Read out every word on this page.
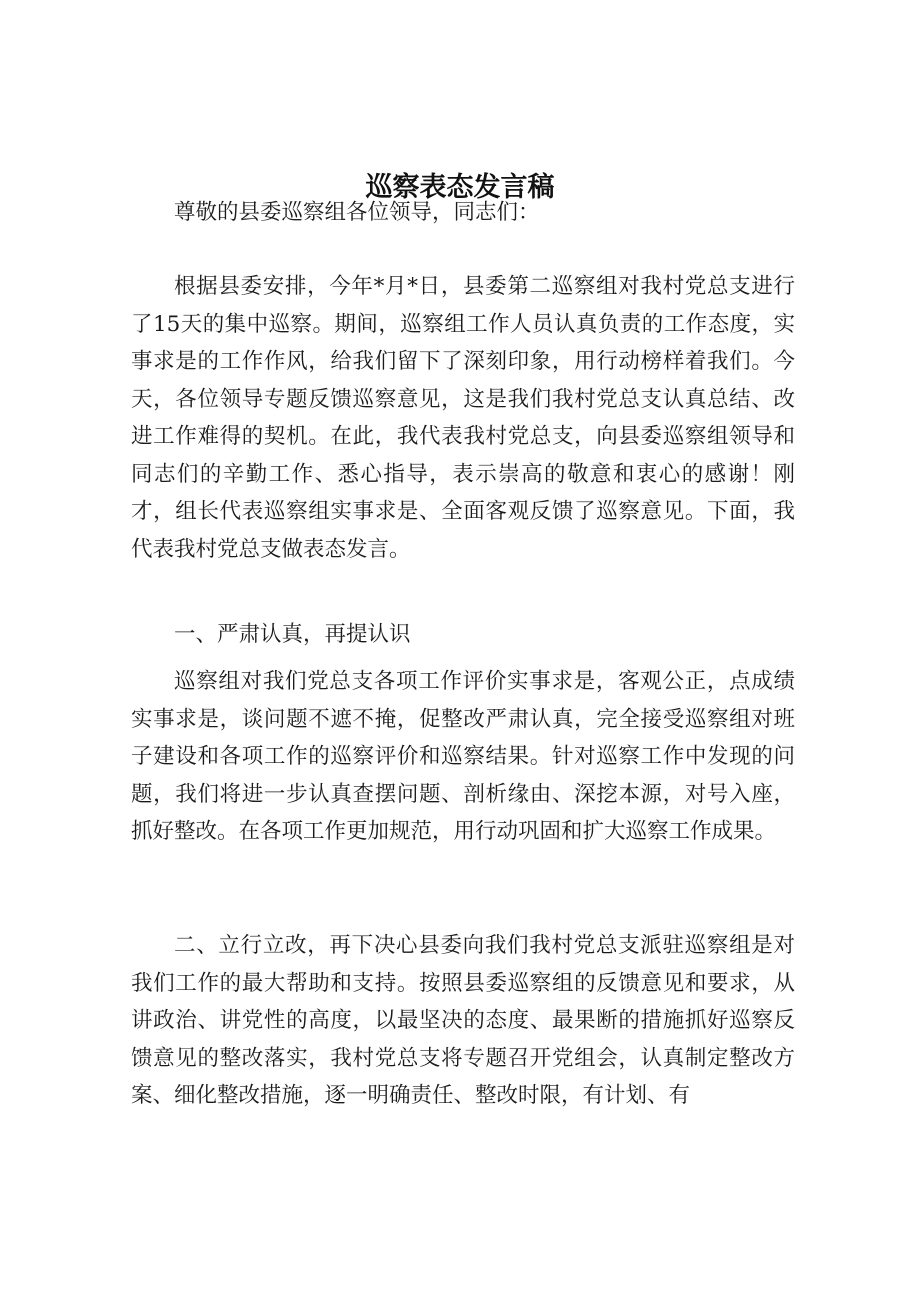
巡察表态发言稿

尊敬的县委巡察组各位领导，同志们：

根据县委安排，今年*月*日，县委第二巡察组对我村党总支进行了15天的集中巡察。期间，巡察组工作人员认真负责的工作态度，实事求是的工作作风，给我们留下了深刻印象，用行动榜样着我们。今天，各位领导专题反馈巡察意见，这是我们我村党总支认真总结、改进工作难得的契机。在此，我代表我村党总支，向县委巡察组领导和同志们的辛勤工作、悉心指导，表示崇高的敬意和衷心的感谢！刚才，组长代表巡察组实事求是、全面客观反馈了巡察意见。下面，我代表我村党总支做表态发言。

一、严肃认真，再提认识

巡察组对我们党总支各项工作评价实事求是，客观公正，点成绩实事求是，谈问题不遮不掩，促整改严肃认真，完全接受巡察组对班子建设和各项工作的巡察评价和巡察结果。针对巡察工作中发现的问题，我们将进一步认真查摆问题、剖析缘由、深挖本源，对号入座，抓好整改。在各项工作更加规范，用行动巩固和扩大巡察工作成果。

二、立行立改，再下决心县委向我们我村党总支派驻巡察组是对我们工作的最大帮助和支持。按照县委巡察组的反馈意见和要求，从讲政治、讲党性的高度，以最坚决的态度、最果断的措施抓好巡察反馈意见的整改落实，我村党总支将专题召开党组会，认真制定整改方案、细化整改措施，逐一明确责任、整改时限，有计划、有
